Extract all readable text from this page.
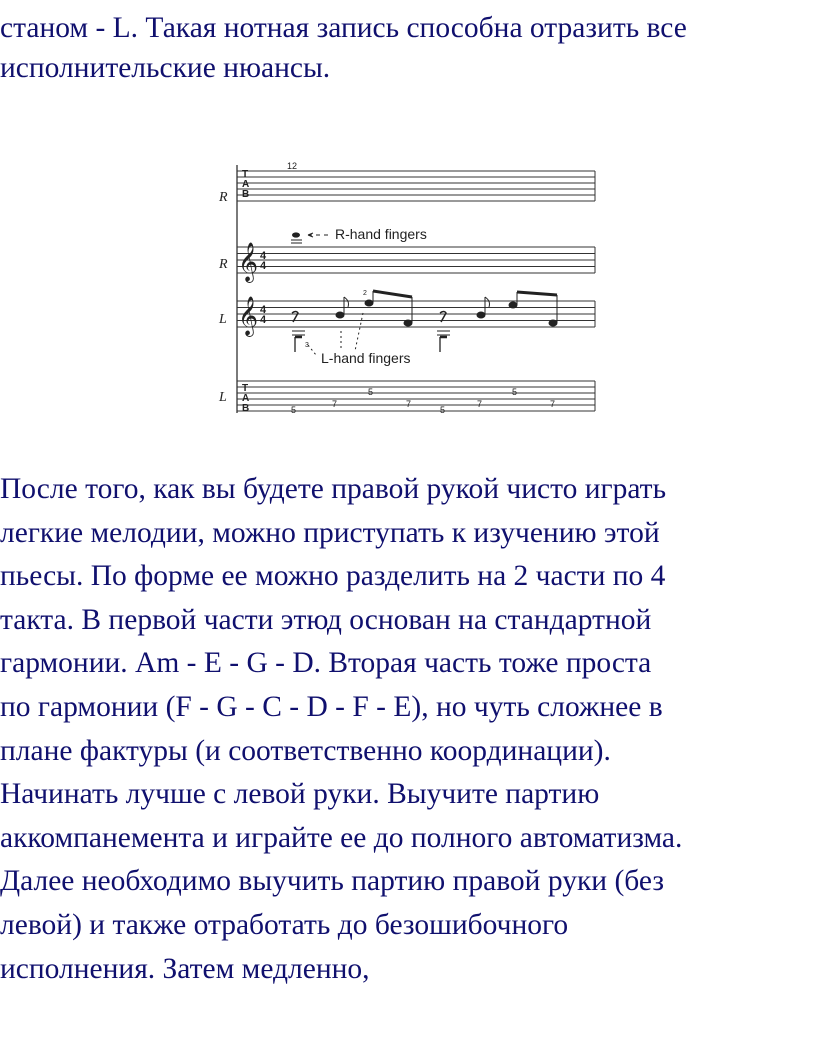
станом - L. Такая нотная запись способна отразить все

исполнительские нюансы.

R
R
L
L
T
A
B
12
𝄞 4
4
R-hand fingers
𝄞 4
4
2
3
L-hand fingers
T
A
B	5
7
5
7
5
7
5
7
После того, как вы будете правой рукой чисто играть
легкие мелодии, можно приступать к изучению этой
пьесы. По форме ее можно разделить на 2 части по 4
такта. В первой части этюд основан на стандартной
гармонии. Am - E - G - D. Вторая часть тоже проста
по гармонии (F - G - C - D - F - E), но чуть сложнее в
плане фактуры (и соответственно координации).
Начинать лучше с левой руки. Выучите партию
аккомпанемента и играйте ее до полного автоматизма.
Далее необходимо выучить партию правой руки (без
левой) и также отработать до безошибочного
исполнения. Затем медленно,
